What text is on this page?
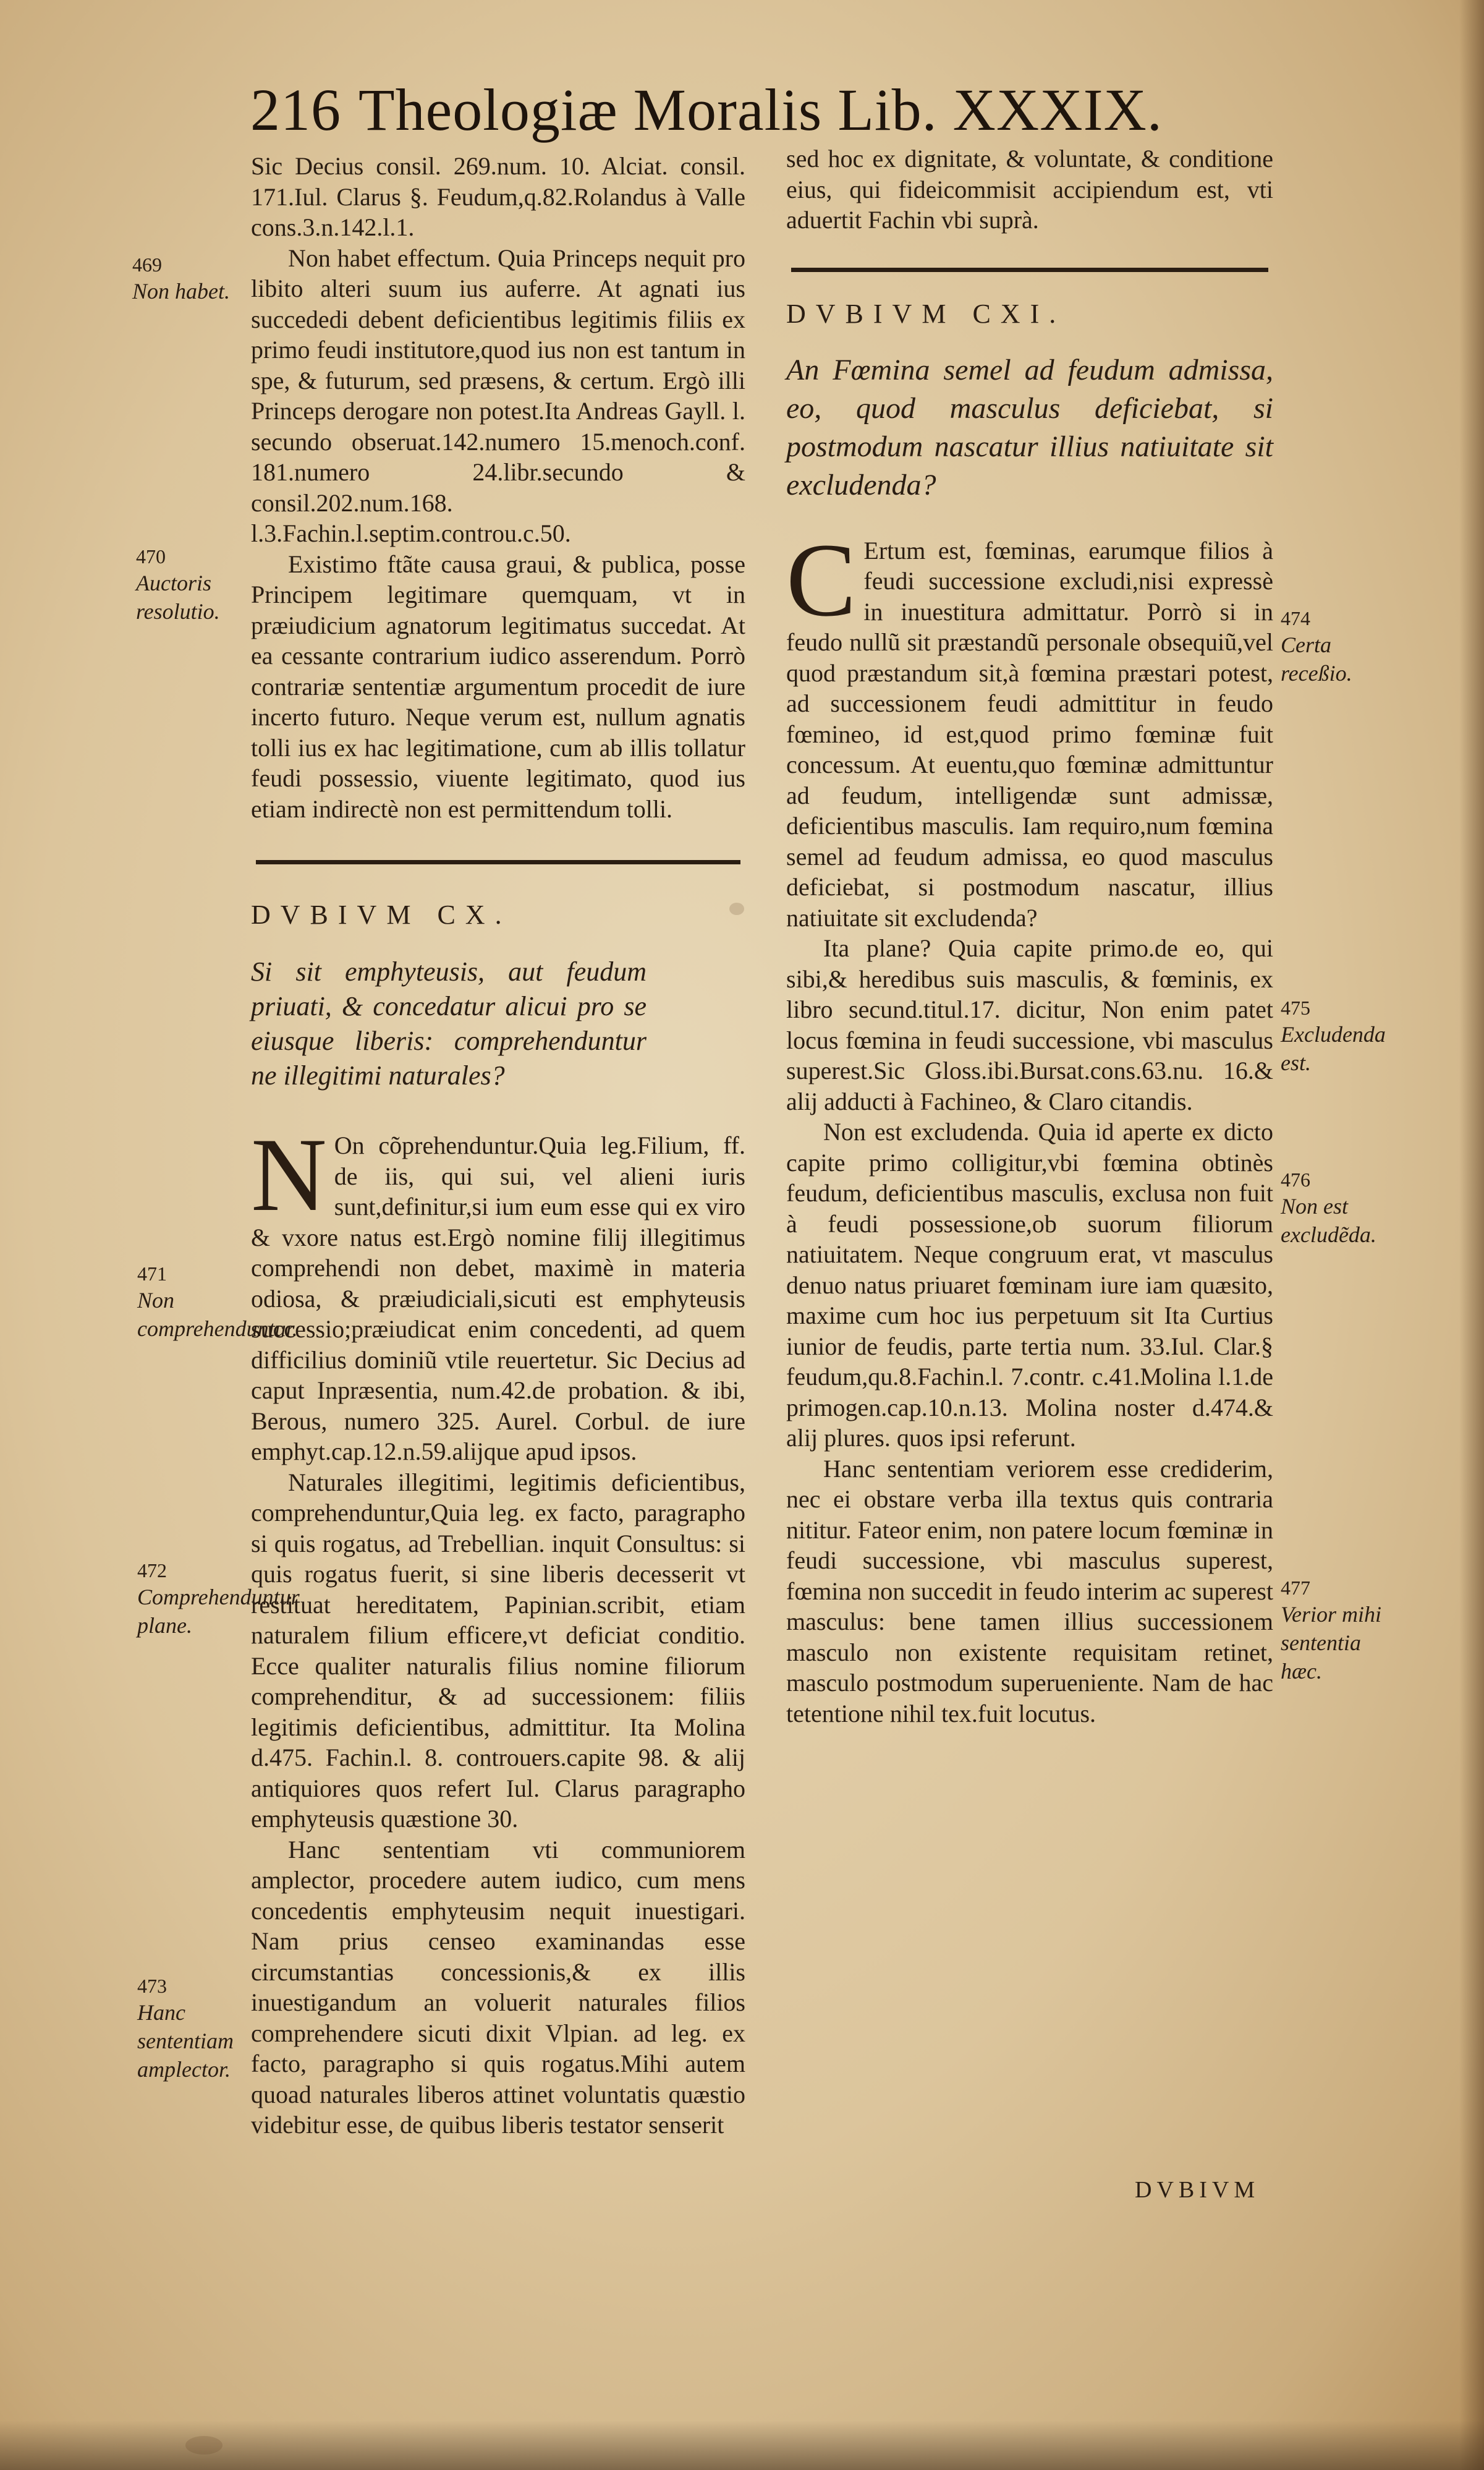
216 Theologiæ Moralis Lib. XXXIX.

Sic Decius consil. 269.num. 10. Alciat. consil. 171.Iul. Clarus §. Feudum,q.82.Rolandus à Valle cons.3.n.142.l.1.

Non habet effectum. Quia Princeps nequit pro libito alteri suum ius auferre. At agnati ius succededi debent deficientibus legitimis filiis ex primo feudi institutore,quod ius non est tantum in spe, & futurum, sed præsens, & certum. Ergò illi Princeps derogare non potest.Ita Andreas Gayll. l. secundo obseruat.142.numero 15.menoch.conf. 181.numero 24.libr.secundo & consil.202.num.168. l.3.Fachin.l.septim.controu.c.50.

Existimo ftãte causa graui, & publica, posse Principem legitimare quemquam, vt in præiudicium agnatorum legitimatus succedat. At ea cessante contrarium iudico asserendum. Porrò contrariæ sententiæ argumentum procedit de iure incerto futuro. Neque verum est, nullum agnatis tolli ius ex hac legitimatione, cum ab illis tollatur feudi possessio, viuente legitimato, quod ius etiam indirectè non est permittendum tolli.

DVBIVM CX.

Si sit emphyteusis, aut feudum priuati, & concedatur alicui pro se eiusque liberis: comprehenduntur ne illegitimi naturales?

N On cõprehenduntur.Quia leg.Filium, ff. de iis, qui sui, vel alieni iuris sunt,definitur,si ium eum esse qui ex viro & vxore natus est.Ergò nomine filij illegitimus comprehendi non debet, maximè in materia odiosa, & præiudiciali,sicuti est emphyteusis successio;præiudicat enim concedenti, ad quem difficilius dominiũ vtile reuertetur. Sic Decius ad caput Inpræsentia, num.42.de probation. & ibi, Berous, numero 325. Aurel. Corbul. de iure emphyt.cap.12.n.59.alijque apud ipsos.

Naturales illegitimi, legitimis deficientibus, comprehenduntur,Quia leg. ex facto, paragrapho si quis rogatus, ad Trebellian. inquit Consultus: si quis rogatus fuerit, si sine liberis decesserit vt restituat hereditatem, Papinian.scribit, etiam naturalem filium efficere,vt deficiat conditio. Ecce qualiter naturalis filius nomine filiorum comprehenditur, & ad successionem: filiis legitimis deficientibus, admittitur. Ita Molina d.475. Fachin.l. 8. controuers.capite 98. & alij antiquiores quos refert Iul. Clarus paragrapho emphyteusis quæstione 30.

Hanc sententiam vti communiorem amplector, procedere autem iudico, cum mens concedentis emphyteusim nequit inuestigari. Nam prius censeo examinandas esse circumstantias concessionis,& ex illis inuestigandum an voluerit naturales filios comprehendere sicuti dixit Vlpian. ad leg. ex facto, paragrapho si quis rogatus.Mihi autem quoad naturales liberos attinet voluntatis quæstio videbitur esse, de quibus liberis testator senserit

sed hoc ex dignitate, & voluntate, & conditione eius, qui fideicommisit accipiendum est, vti aduertit Fachin vbi suprà.

DVBIVM CXI.

An Fœmina semel ad feudum admissa, eo, quod masculus deficiebat, si postmodum nascatur illius natiuitate sit excludenda?

C Ertum est, fœminas, earumque filios à feudi successione excludi,nisi expressè in inuestitura admittatur. Porrò si in feudo nullũ sit præstandũ personale obsequiũ,vel quod præstandum sit,à fœmina præstari potest, ad successionem feudi admittitur in feudo fœmineo, id est,quod primo fœminæ fuit concessum. At euentu,quo fœminæ admittuntur ad feudum, intelligendæ sunt admissæ, deficientibus masculis. Iam requiro,num fœmina semel ad feudum admissa, eo quod masculus deficiebat, si postmodum nascatur, illius natiuitate sit excludenda?

Ita plane? Quia capite primo.de eo, qui sibi,& heredibus suis masculis, & fœminis, ex libro secund.titul.17. dicitur, Non enim patet locus fœmina in feudi successione, vbi masculus superest.Sic Gloss.ibi.Bursat.cons.63.nu. 16.& alij adducti à Fachineo, & Claro citandis.

Non est excludenda. Quia id aperte ex dicto capite primo colligitur,vbi fœmina obtinès feudum, deficientibus masculis, exclusa non fuit à feudi possessione,ob suorum filiorum natiuitatem. Neque congruum erat, vt masculus denuo natus priuaret fœminam iure iam quæsito, maxime cum hoc ius perpetuum sit Ita Curtius iunior de feudis, parte tertia num. 33.Iul. Clar.§ feudum,qu.8.Fachin.l. 7.contr. c.41.Molina l.1.de primogen.cap.10.n.13. Molina noster d.474.& alij plures. quos ipsi referunt.

Hanc sententiam veriorem esse crediderim, nec ei obstare verba illa textus quis contraria nititur. Fateor enim, non patere locum fœminæ in feudi successione, vbi masculus superest, fœmina non succedit in feudo interim ac superest masculus: bene tamen illius successionem masculo non existente requisitam retinet, masculo postmodum superueniente. Nam de hac tetentione nihil tex.fuit locutus.

DVBIVM
469
Non habet.
470
Auctoris resolutio.
471
Non comprehenduntur.
472
Comprehenduntur plane.
473
Hanc sententiam amplector.
474
Certa receßio.
475
Excludenda est.
476
Non est excludẽda.
477
Verior mihi sententia hæc.
